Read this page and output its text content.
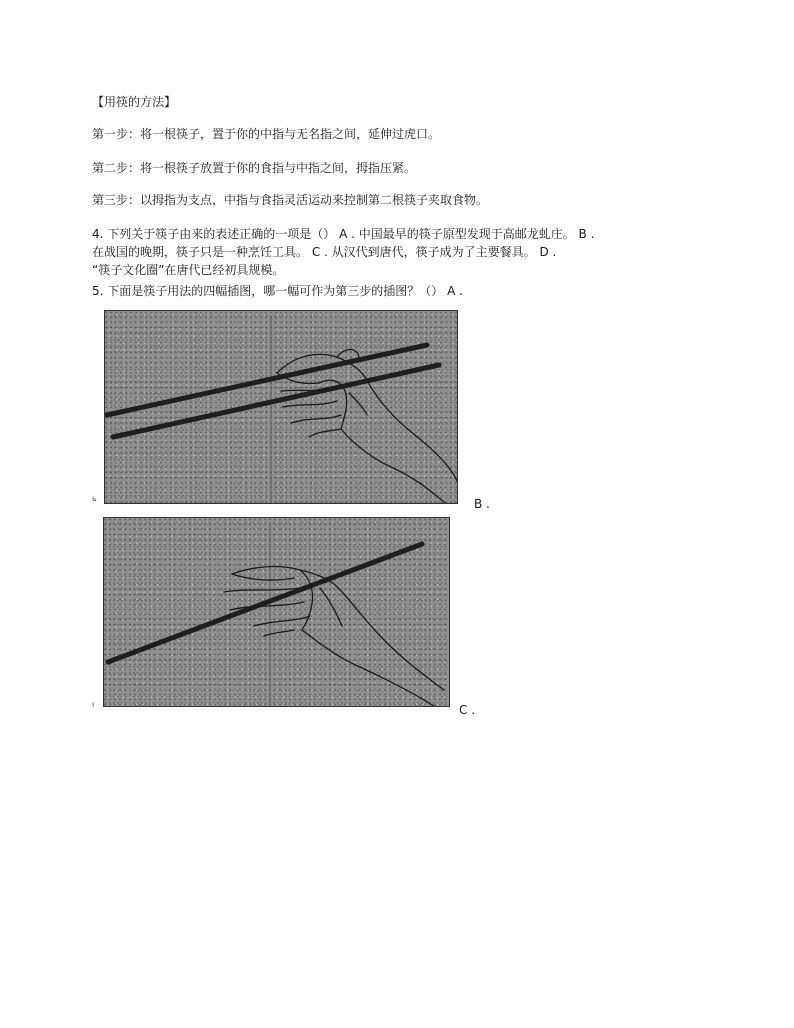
【用筷的方法】
第一步：将一根筷子，置于你的中指与无名指之间，延伸过虎口。
第二步：将一根筷子放置于你的食指与中指之间，拇指压紧。
第三步：以拇指为支点，中指与食指灵活运动来控制第二根筷子夹取食物。
4. 下列关于筷子由来的表述正确的一项是（） A . 中国最早的筷子原型发现于高邮龙虬庄。 B .
在战国的晚期，筷子只是一种烹饪工具。 C . 从汉代到唐代，筷子成为了主要餐具。 D .
“筷子文化圈”在唐代已经初具规模。
5. 下面是筷子用法的四幅插图，哪一幅可作为第三步的插图？（） A .
ь	B .
ı	C .
